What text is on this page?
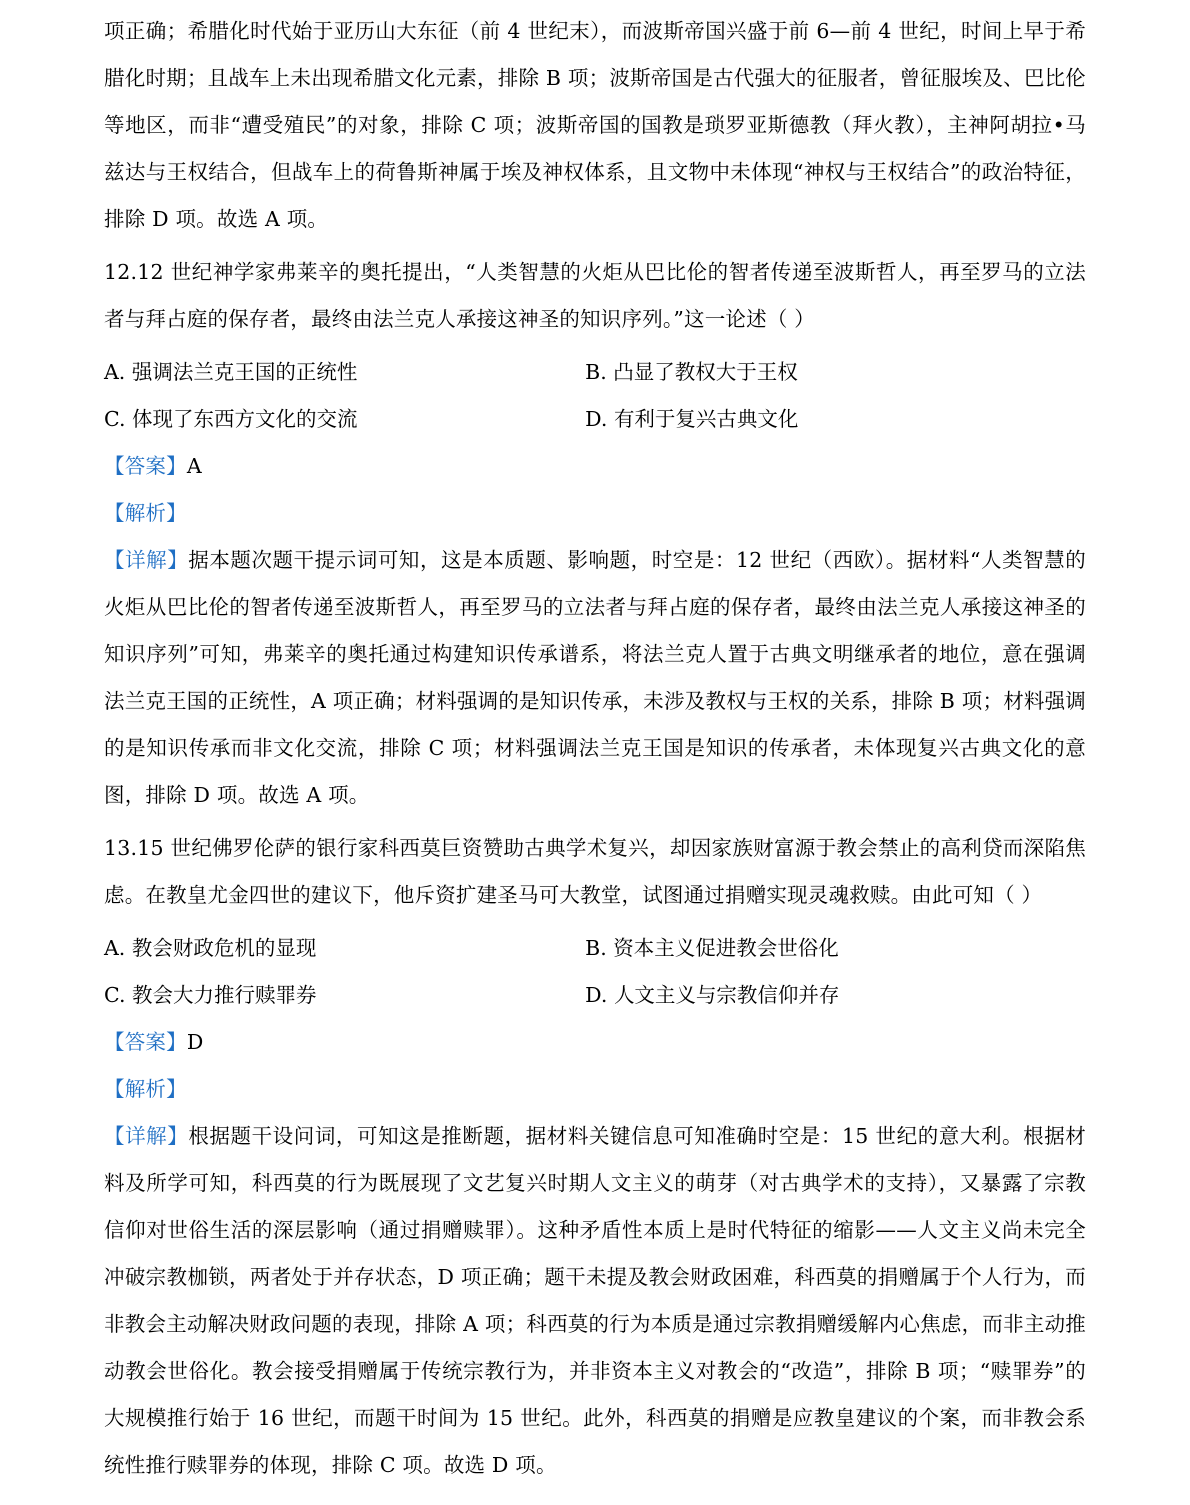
项正确；希腊化时代始于亚历山大东征（前 4 世纪末），而波斯帝国兴盛于前 6—前 4 世纪，时间上早于希腊化时期；且战车上未出现希腊文化元素，排除 B 项；波斯帝国是古代强大的征服者，曾征服埃及、巴比伦等地区，而非“遭受殖民”的对象，排除 C 项；波斯帝国的国教是琐罗亚斯德教（拜火教），主神阿胡拉•马兹达与王权结合，但战车上的荷鲁斯神属于埃及神权体系，且文物中未体现“神权与王权结合”的政治特征，排除 D 项。故选 A 项。

12.12 世纪神学家弗莱辛的奥托提出，“人类智慧的火炬从巴比伦的智者传递至波斯哲人，再至罗马的立法者与拜占庭的保存者，最终由法兰克人承接这神圣的知识序列。”这一论述（ ）

A. 强调法兰克王国的正统性	B. 凸显了教权大于王权
C. 体现了东西方文化的交流	D. 有利于复兴古典文化

【答案】A

【解析】

【详解】据本题次题干提示词可知，这是本质题、影响题，时空是：12 世纪（西欧）。据材料“人类智慧的火炬从巴比伦的智者传递至波斯哲人，再至罗马的立法者与拜占庭的保存者，最终由法兰克人承接这神圣的知识序列”可知，弗莱辛的奥托通过构建知识传承谱系，将法兰克人置于古典文明继承者的地位，意在强调法兰克王国的正统性，A 项正确；材料强调的是知识传承，未涉及教权与王权的关系，排除 B 项；材料强调的是知识传承而非文化交流，排除 C 项；材料强调法兰克王国是知识的传承者，未体现复兴古典文化的意图，排除 D 项。故选 A 项。

13.15 世纪佛罗伦萨的银行家科西莫巨资赞助古典学术复兴，却因家族财富源于教会禁止的高利贷而深陷焦虑。在教皇尤金四世的建议下，他斥资扩建圣马可大教堂，试图通过捐赠实现灵魂救赎。由此可知（ ）

A. 教会财政危机的显现	B. 资本主义促进教会世俗化
C. 教会大力推行赎罪券	D. 人文主义与宗教信仰并存

【答案】D

【解析】

【详解】根据题干设问词，可知这是推断题，据材料关键信息可知准确时空是：15 世纪的意大利。根据材料及所学可知，科西莫的行为既展现了文艺复兴时期人文主义的萌芽（对古典学术的支持），又暴露了宗教信仰对世俗生活的深层影响（通过捐赠赎罪）。这种矛盾性本质上是时代特征的缩影——人文主义尚未完全冲破宗教枷锁，两者处于并存状态，D 项正确；题干未提及教会财政困难，科西莫的捐赠属于个人行为，而非教会主动解决财政问题的表现，排除 A 项；科西莫的行为本质是通过宗教捐赠缓解内心焦虑，而非主动推动教会世俗化。教会接受捐赠属于传统宗教行为，并非资本主义对教会的“改造”，排除 B 项；“赎罪券”的大规模推行始于 16 世纪，而题干时间为 15 世纪。此外，科西莫的捐赠是应教皇建议的个案，而非教会系统性推行赎罪券的体现，排除 C 项。故选 D 项。
